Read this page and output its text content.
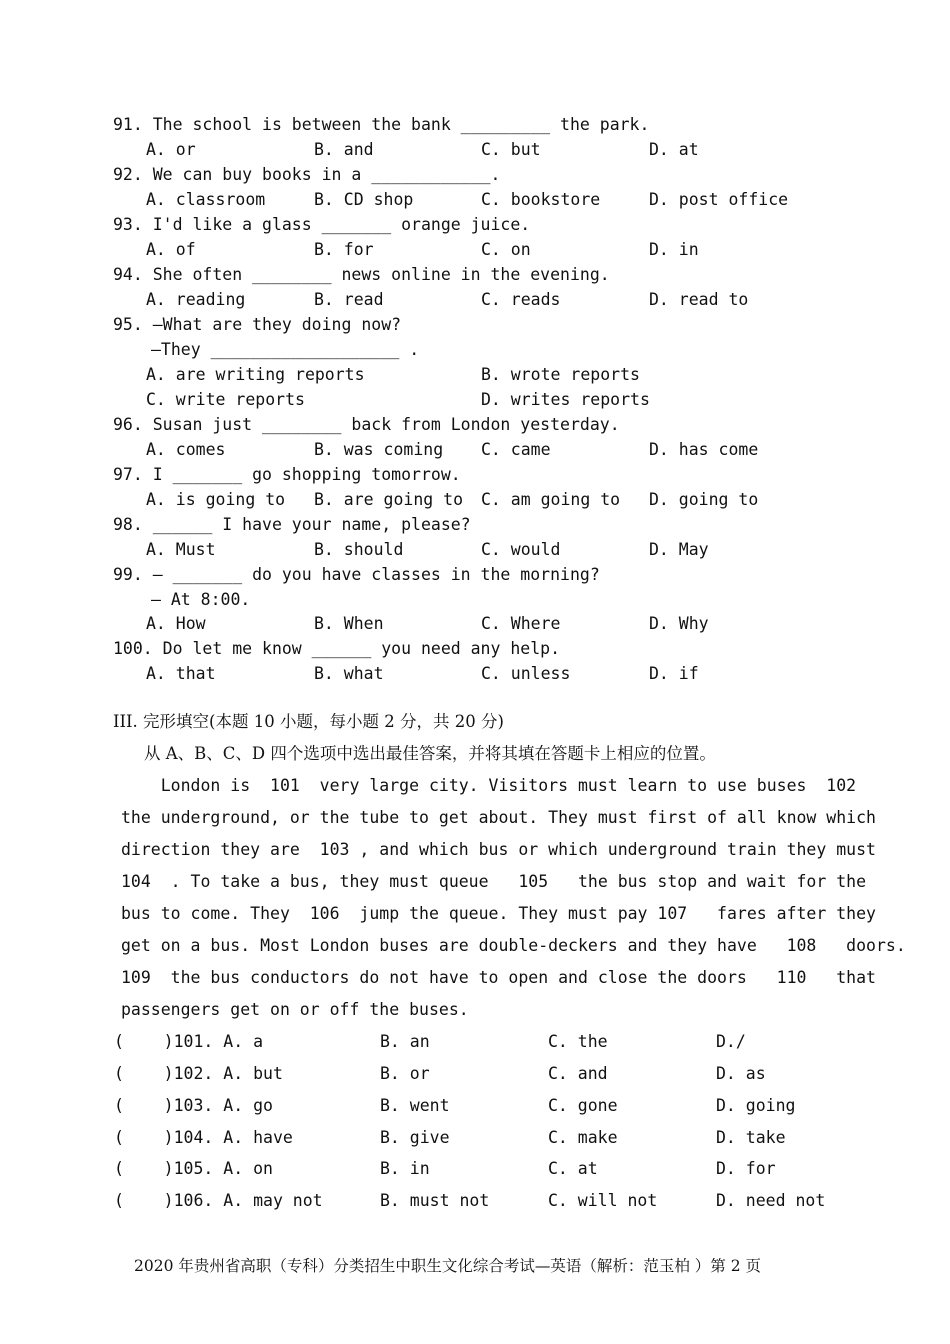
91. The school is between the bank _________ the park.
A. or	B. and	C. but	D. at
92. We can buy books in a ____________.
A. classroom	B. CD shop	C. bookstore	D. post office
93. I'd like a glass _______ orange juice.
A. of	B. for	C. on	D. in
94. She often ________ news online in the evening.
A. reading	B. read	C. reads	D. read to
95. —What are they doing now?
—They ___________________ .
A. are writing reports	B. wrote reports
C. write reports	D. writes reports
96. Susan just ________ back from London yesterday.
A. comes	B. was coming C. came	D. has come
97. I _______ go shopping tomorrow.
A. is going to B. are going to C. am going to D. going to
98. ______ I have your name, please?
A. Must	B. should	C. would	D. May
99. — _______ do you have classes in the morning?
— At 8:00.
A. How	B. When	C. Where	D. Why
100. Do let me know ______ you need any help.
A. that	B. what	C. unless	D. if
III. 完形填空(本题 10 小题，每小题 2 分，共 20 分)
从 A、B、C、D 四个选项中选出最佳答案，并将其填在答题卡上相应的位置。
London is  101  very large city. Visitors must learn to use buses  102
the underground, or the tube to get about. They must first of all know which
direction they are  103 , and which bus or which underground train they must
104  . To take a bus, they must queue   105   the bus stop and wait for the
bus to come. They  106  jump the queue. They must pay 107   fares after they
get on a bus. Most London buses are double-deckers and they have   108   doors.
109  the bus conductors do not have to open and close the doors   110   that
passengers get on or off the buses.
(    )101. A. a	B. an	C. the	D./
(    )102. A. but	B. or	C. and	D. as
(    )103. A. go	B. went	C. gone	D. going
(    )104. A. have	B. give	C. make	D. take
(    )105. A. on	B. in	C. at	D. for
(    )106. A. may not	B. must not	C. will not	D. need not
2020 年贵州省高职（专科）分类招生中职生文化综合考试—英语（解析：范玉柏 ）第 2 页
